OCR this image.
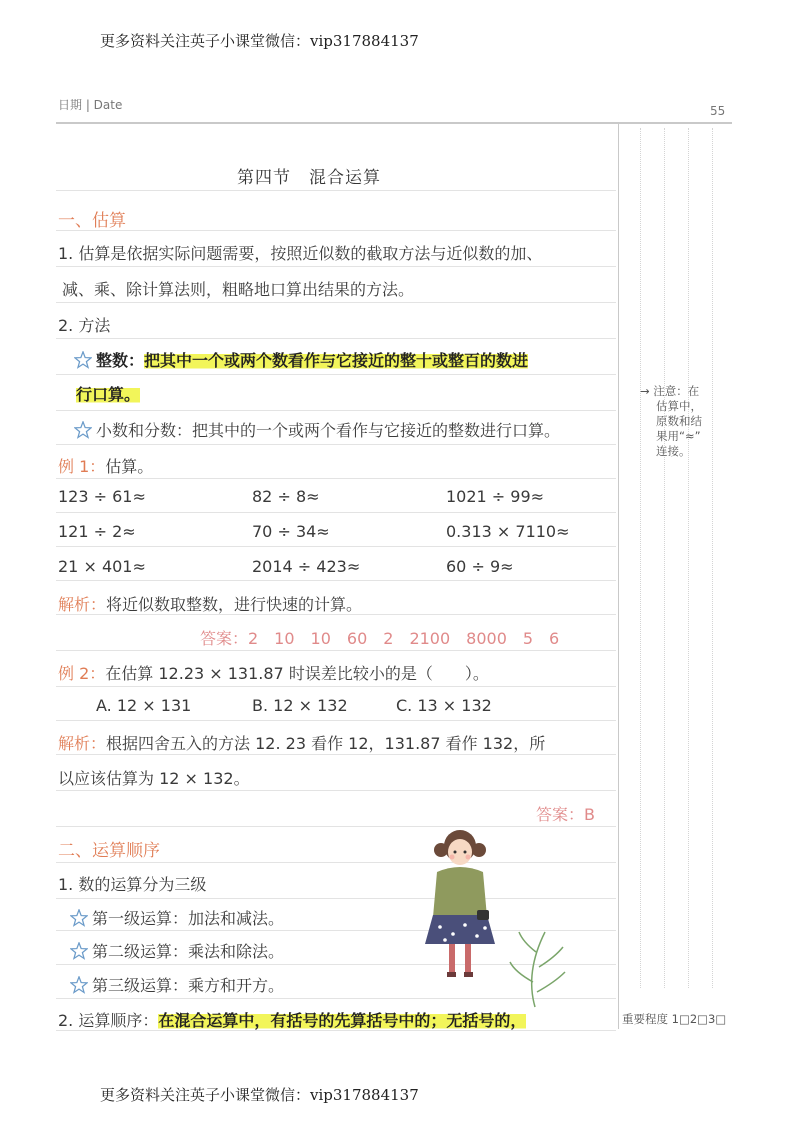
更多资料关注英子小课堂微信：vip317884137
日期 | Date	55
第四节　混合运算
一、估算
1. 估算是依据实际问题需要，按照近似数的截取方法与近似数的加、
减、乘、除计算法则，粗略地口算出结果的方法。
2. 方法
整数：把其中一个或两个数看作与它接近的整十或整百的数进
行口算。
小数和分数：把其中的一个或两个看作与它接近的整数进行口算。
例 1：估算。
123 ÷ 61≈	82 ÷ 8≈	1021 ÷ 99≈
121 ÷ 2≈	70 ÷ 34≈	0.313 × 7110≈
21 × 401≈	2014 ÷ 423≈	60 ÷ 9≈
解析：将近似数取整数，进行快速的计算。
答案：2　10　10　60　2　2100　8000　5　6
例 2：在估算 12.23 × 131.87 时误差比较小的是（　　）。
A. 12 × 131	B. 12 × 132	C. 13 × 132
解析：根据四舍五入的方法 12. 23 看作 12，131.87 看作 132，所
以应该估算为 12 × 132。
答案：B
二、运算顺序
1. 数的运算分为三级
第一级运算：加法和减法。
第二级运算：乘法和除法。
第三级运算：乘方和开方。
2. 运算顺序：在混合运算中，有括号的先算括号中的；无括号的，
→ 注意：在
估算中，
原数和结
果用“≈”
连接。
重要程度 1□2□3□
更多资料关注英子小课堂微信：vip317884137
